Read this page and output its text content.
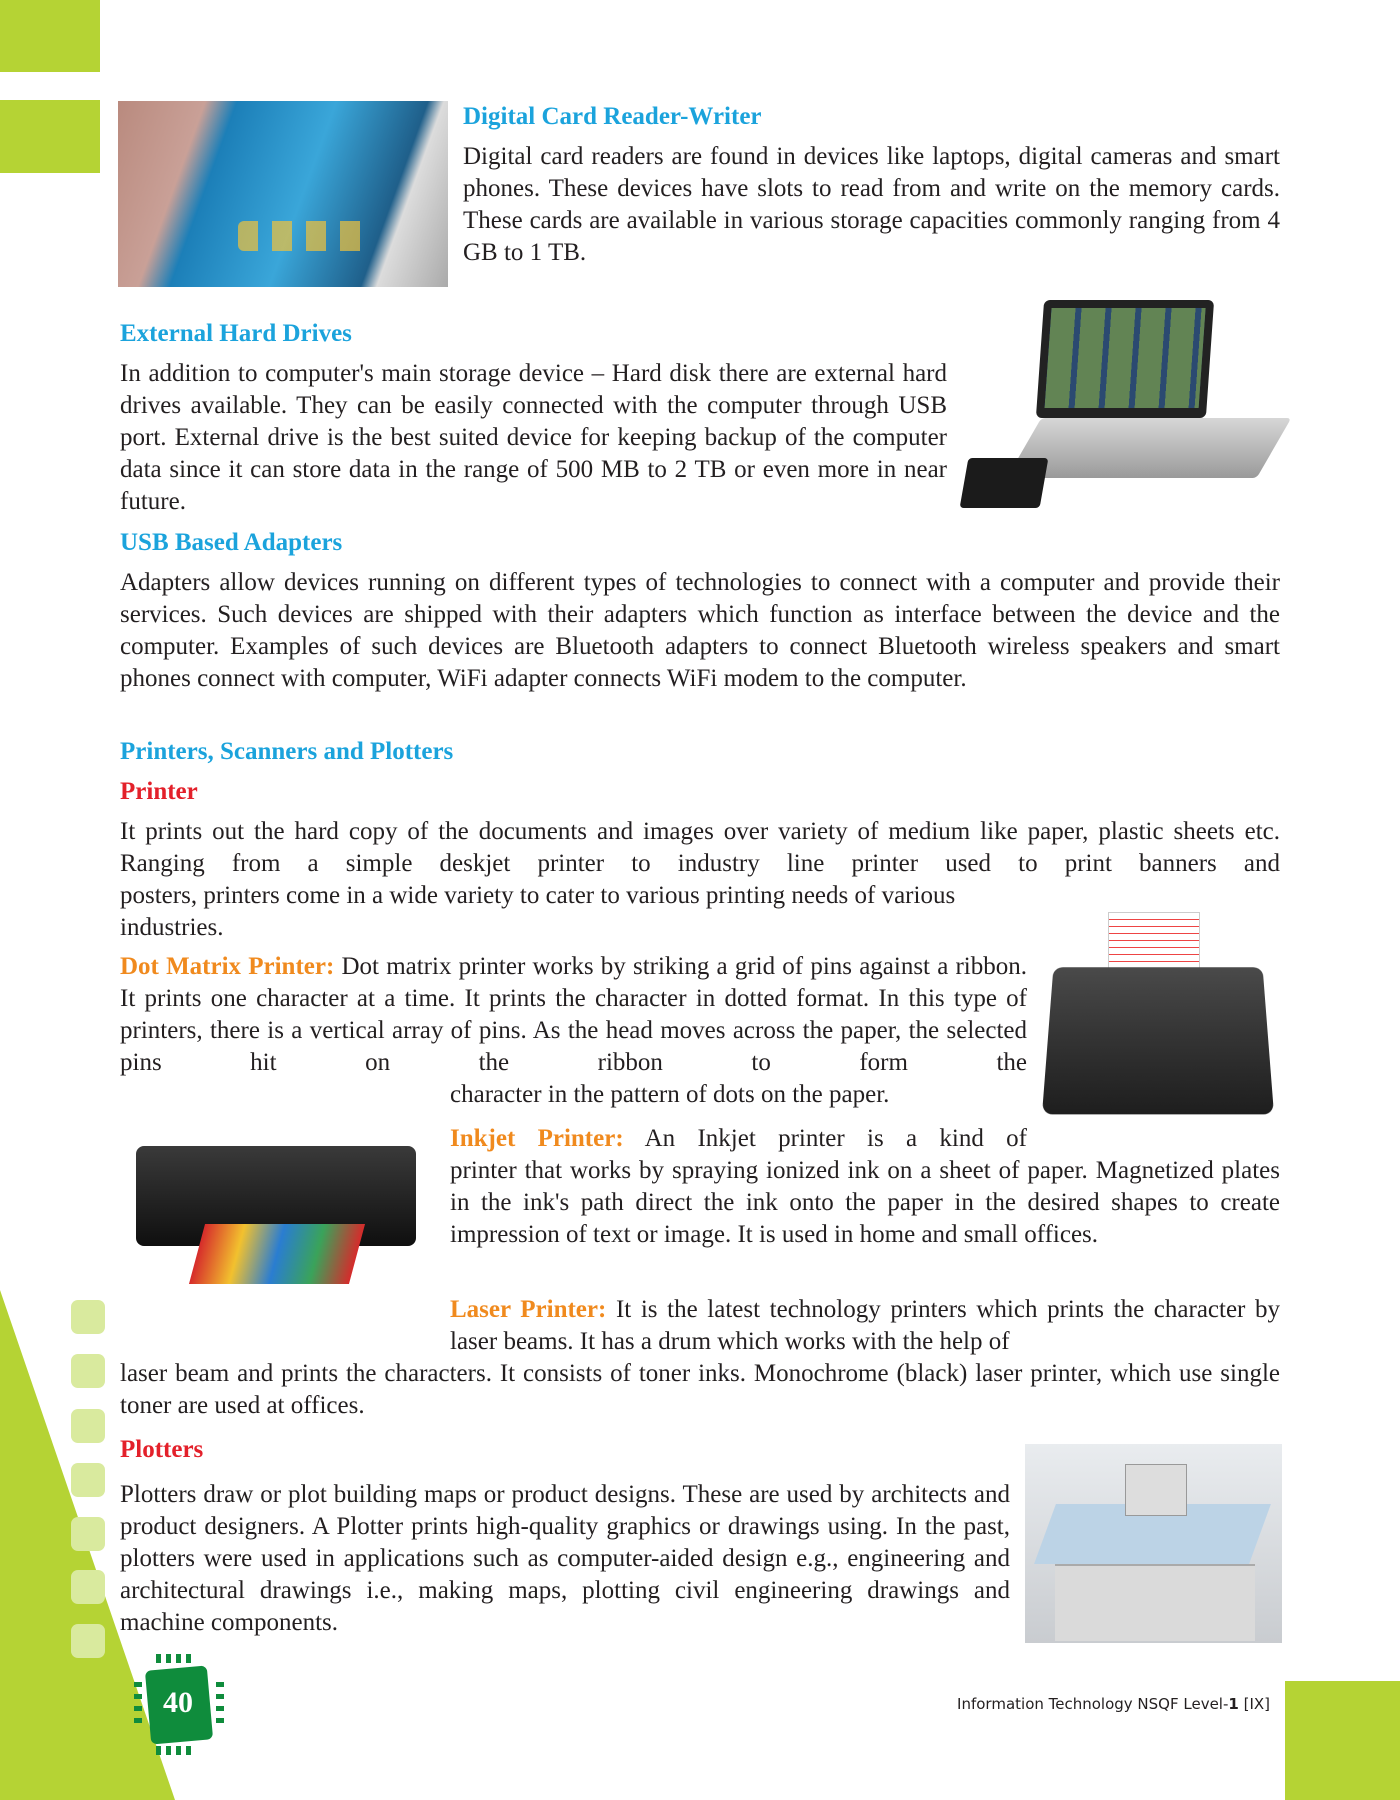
Digital Card Reader-Writer
Digital card readers are found in devices like laptops, digital cameras and smart phones. These devices have slots to read from and write on the memory cards. These cards are available in various storage capacities commonly ranging from 4 GB to 1 TB.
External Hard Drives
In addition to computer's main storage device – Hard disk there are external hard drives available. They can be easily connected with the computer through USB port. External drive is the best suited device for keeping backup of the computer data since it can store data in the range of 500 MB to 2 TB or even more in near future.
USB Based Adapters
Adapters allow devices running on different types of technologies to connect with a computer and provide their services. Such devices are shipped with their adapters which function as interface between the device and the computer. Examples of such devices are Bluetooth adapters to connect Bluetooth wireless speakers and smart phones connect with computer, WiFi adapter connects WiFi modem to the computer.
Printers, Scanners and Plotters
Printer
It prints out the hard copy of the documents and images over variety of medium like paper, plastic sheets etc. Ranging from a simple deskjet printer to industry line printer used to print banners and
posters, printers come in a wide variety to cater to various printing needs of various industries.
Dot Matrix Printer: Dot matrix printer works by striking a grid of pins against a ribbon. It prints one character at a time. It prints the character in dotted format. In this type of printers, there is a vertical array of pins. As the head moves across the paper, the selected pins hit on the ribbon to form the
character in the pattern of dots on the paper.
Inkjet Printer: An Inkjet printer is a kind of
printer that works by spraying ionized ink on a sheet of paper. Magnetized plates in the ink's path direct the ink onto the paper in the desired shapes to create impression of text or image. It is used in home and small offices.
Laser Printer: It is the latest technology printers which prints the character by laser beams. It has a drum which works with the help of
laser beam and prints the characters. It consists of toner inks. Monochrome (black) laser printer, which use single toner are used at offices.
Plotters
Plotters draw or plot building maps or product designs. These are used by architects and product designers. A Plotter prints high-quality graphics or drawings using. In the past, plotters were used in applications such as computer-aided design e.g., engineering and architectural drawings i.e., making maps, plotting civil engineering drawings and machine components.
40	Information Technology NSQF Level-1 [IX]
